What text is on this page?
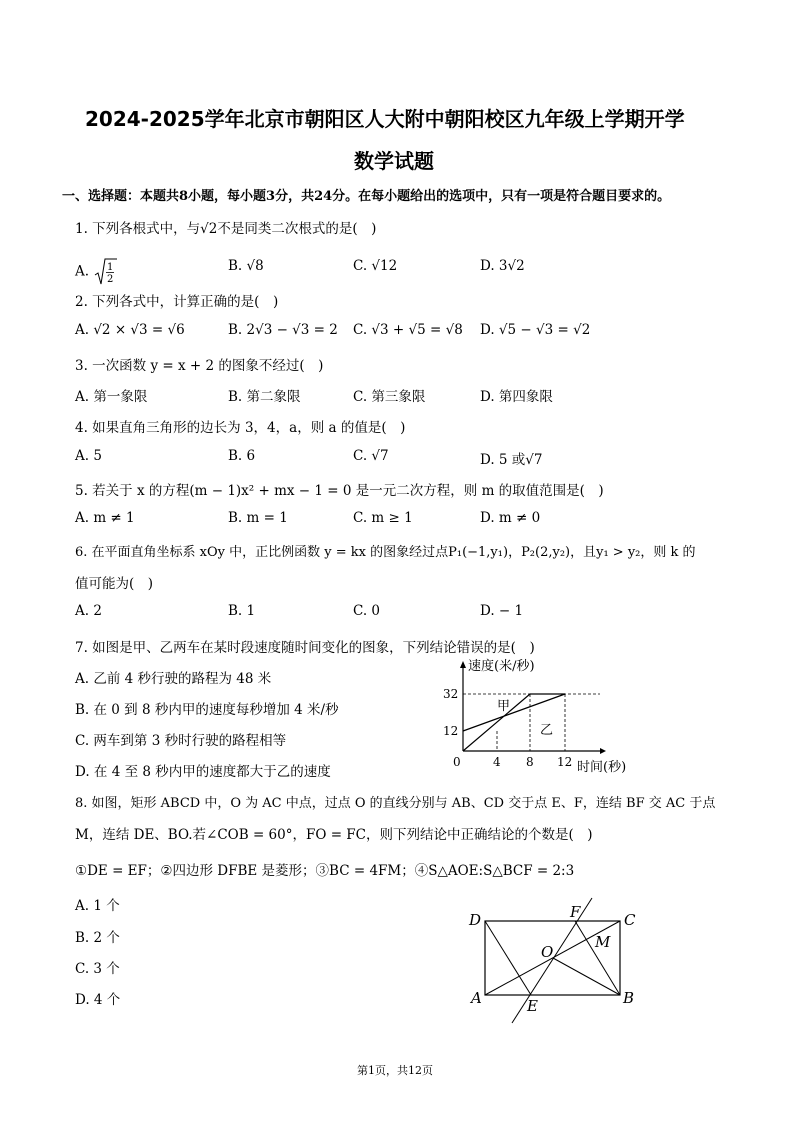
2024-2025学年北京市朝阳区人大附中朝阳校区九年级上学期开学
数学试题
一、选择题：本题共8小题，每小题3分，共24分。在每小题给出的选项中，只有一项是符合题目要求的。
1. 下列各根式中，与√2不是同类二次根式的是(　)
A. 1
2
B. √8	C. √12	D. 3√2
2. 下列各式中，计算正确的是(　)
A. √2 × √3 = √6	B. 2√3 − √3 = 2 C. √3 + √5 = √8 D. √5 − √3 = √2
3. 一次函数 y = x + 2 的图象不经过(　)
A. 第一象限	B. 第二象限	C. 第三象限	D. 第四象限
4. 如果直角三角形的边长为 3，4，a，则 a 的值是(　)
A. 5	B. 6	C. √7	D. 5 或√7
5. 若关于 x 的方程(m − 1)x² + mx − 1 = 0 是一元二次方程，则 m 的取值范围是(　)
A. m ≠ 1	B. m = 1	C. m ≥ 1	D. m ≠ 0
6. 在平面直角坐标系 xOy 中，正比例函数 y = kx 的图象经过点P₁(−1,y₁)，P₂(2,y₂)，且y₁ > y₂，则 k 的
值可能为(　)
A. 2	B. 1	C. 0	D. − 1
7. 如图是甲、乙两车在某时段速度随时间变化的图象，下列结论错误的是(　)
A. 乙前 4 秒行驶的路程为 48 米
B. 在 0 到 8 秒内甲的速度每秒增加 4 米/秒
C. 两车到第 3 秒时行驶的路程相等
D. 在 4 至 8 秒内甲的速度都大于乙的速度
速度(米/秒)
时间(秒)
32
12
0	4 8 12
甲
乙
8. 如图，矩形 ABCD 中，O 为 AC 中点，过点 O 的直线分别与 AB、CD 交于点 E、F，连结 BF 交 AC 于点
M，连结 DE、BO.若∠COB = 60°，FO = FC，则下列结论中正确结论的个数是(　)
①DE = EF；②四边形 DFBE 是菱形；③BC = 4FM；④S△AOE:S△BCF = 2:3
A. 1 个
B. 2 个
C. 3 个
D. 4 个
D	F	C
O
M
A	E	B
第1页，共12页
